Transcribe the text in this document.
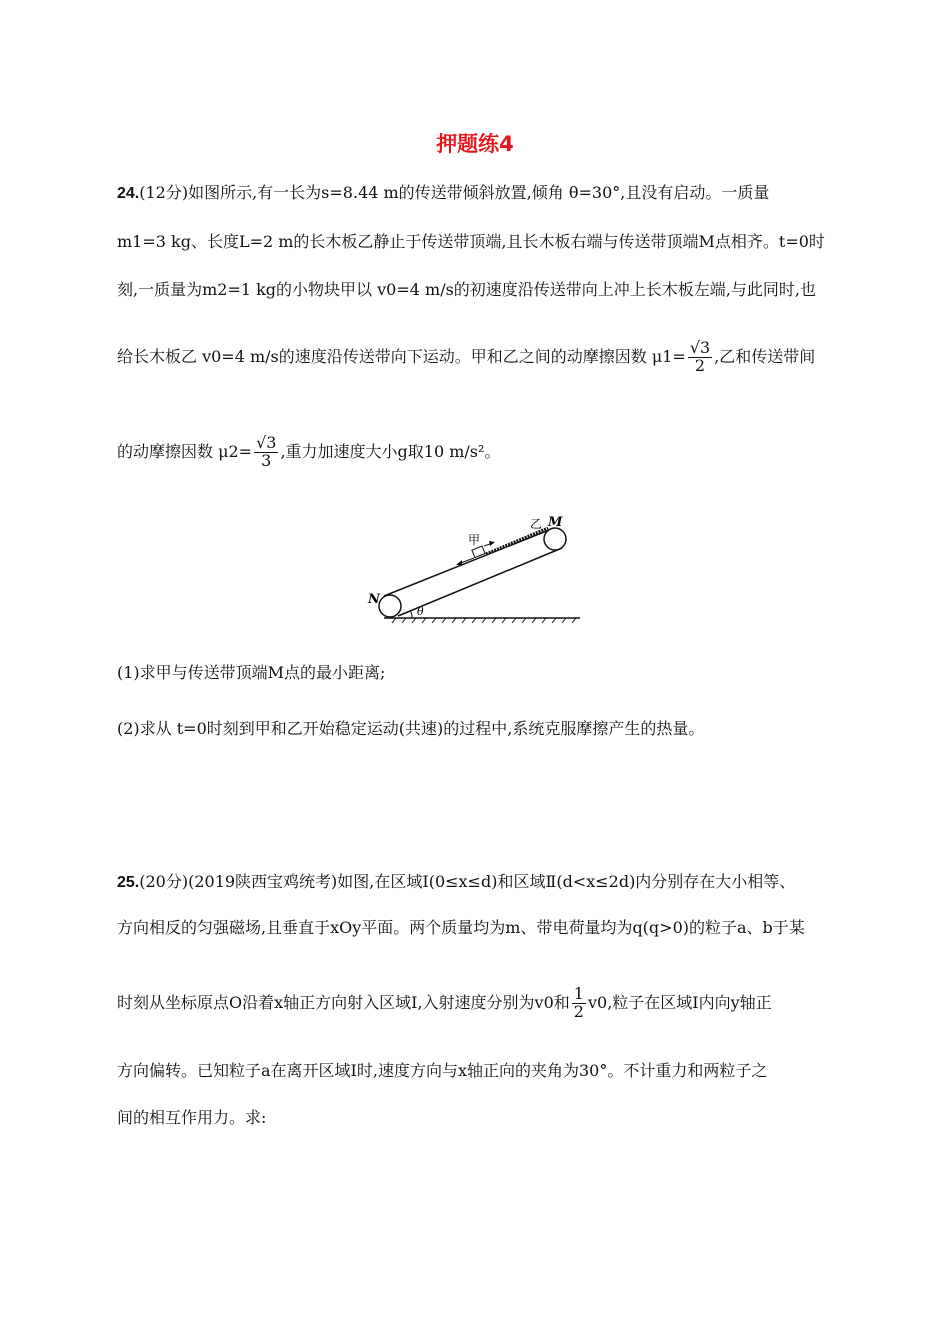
押题练4
24.(12分)如图所示,有一长为s=8.44 m的传送带倾斜放置,倾角 θ=30°,且没有启动。一质量
m1=3 kg、长度L=2 m的长木板乙静止于传送带顶端,且长木板右端与传送带顶端M点相齐。t=0时
刻,一质量为m2=1 kg的小物块甲以 v0=4 m/s的初速度沿传送带向上冲上长木板左端,与此同时,也
给长木板乙 v0=4 m/s的速度沿传送带向下运动。甲和乙之间的动摩擦因数 $\mu 1= \frac{√3}{2}$ ,乙和传送带间
的动摩擦因数 $\mu 2= \frac{√3}{3}$ ,重力加速度大小g取10 m/s²。
甲
乙 M
N
θ
(1)求甲与传送带顶端M点的最小距离;
(2)求从 t=0时刻到甲和乙开始稳定运动(共速)的过程中,系统克服摩擦产生的热量。
25.(20分)(2019陕西宝鸡统考)如图,在区域Ⅰ(0≤x≤d)和区域Ⅱ(d<x≤2d)内分别存在大小相等、
方向相反的匀强磁场,且垂直于xOy平面。两个质量均为m、带电荷量均为q(q>0)的粒子a、b于某
时刻从坐标原点O沿着x轴正方向射入区域Ⅰ,入射速度分别为v0和 $\frac{1}{2} v0$,粒子在区域Ⅰ内向y轴正
方向偏转。已知粒子a在离开区域Ⅰ时,速度方向与x轴正向的夹角为30°。不计重力和两粒子之
间的相互作用力。求:
